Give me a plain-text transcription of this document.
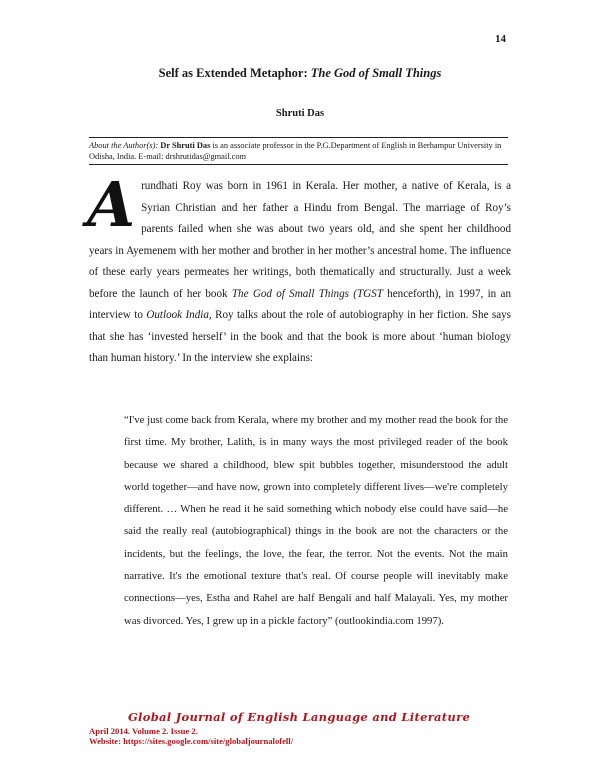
14
Self as Extended Metaphor: The God of Small Things
Shruti Das
About the Author(s): Dr Shruti Das is an associate professor in the P.G.Department of English in Berhampur University in Odisha, India. E-mail: drshrutidas@gmail.com
Arundhati Roy was born in 1961 in Kerala. Her mother, a native of Kerala, is a Syrian Christian and her father a Hindu from Bengal. The marriage of Roy’s parents failed when she was about two years old, and she spent her childhood years in Ayemenem with her mother and brother in her mother’s ancestral home. The influence of these early years permeates her writings, both thematically and structurally. Just a week before the launch of her book The God of Small Things (TGST henceforth), in 1997, in an interview to Outlook India, Roy talks about the role of autobiography in her fiction. She says that she has ‘invested herself’ in the book and that the book is more about ‘human biology than human history.’ In the interview she explains:
“I've just come back from Kerala, where my brother and my mother read the book for the first time. My brother, Lalith, is in many ways the most privileged reader of the book because we shared a childhood, blew spit bubbles together, misunderstood the adult world together—and have now, grown into completely different lives—we're completely different. … When he read it he said something which nobody else could have said—he said the really real (autobiographical) things in the book are not the characters or the incidents, but the feelings, the love, the fear, the terror. Not the events. Not the main narrative. It's the emotional texture that's real. Of course people will inevitably make connections—yes, Estha and Rahel are half Bengali and half Malayali. Yes, my mother was divorced. Yes, I grew up in a pickle factory” (outlookindia.com 1997).
Global Journal of English Language and Literature
April 2014. Volume 2. Issue 2.
Website: https://sites.google.com/site/globaljournalofell/
